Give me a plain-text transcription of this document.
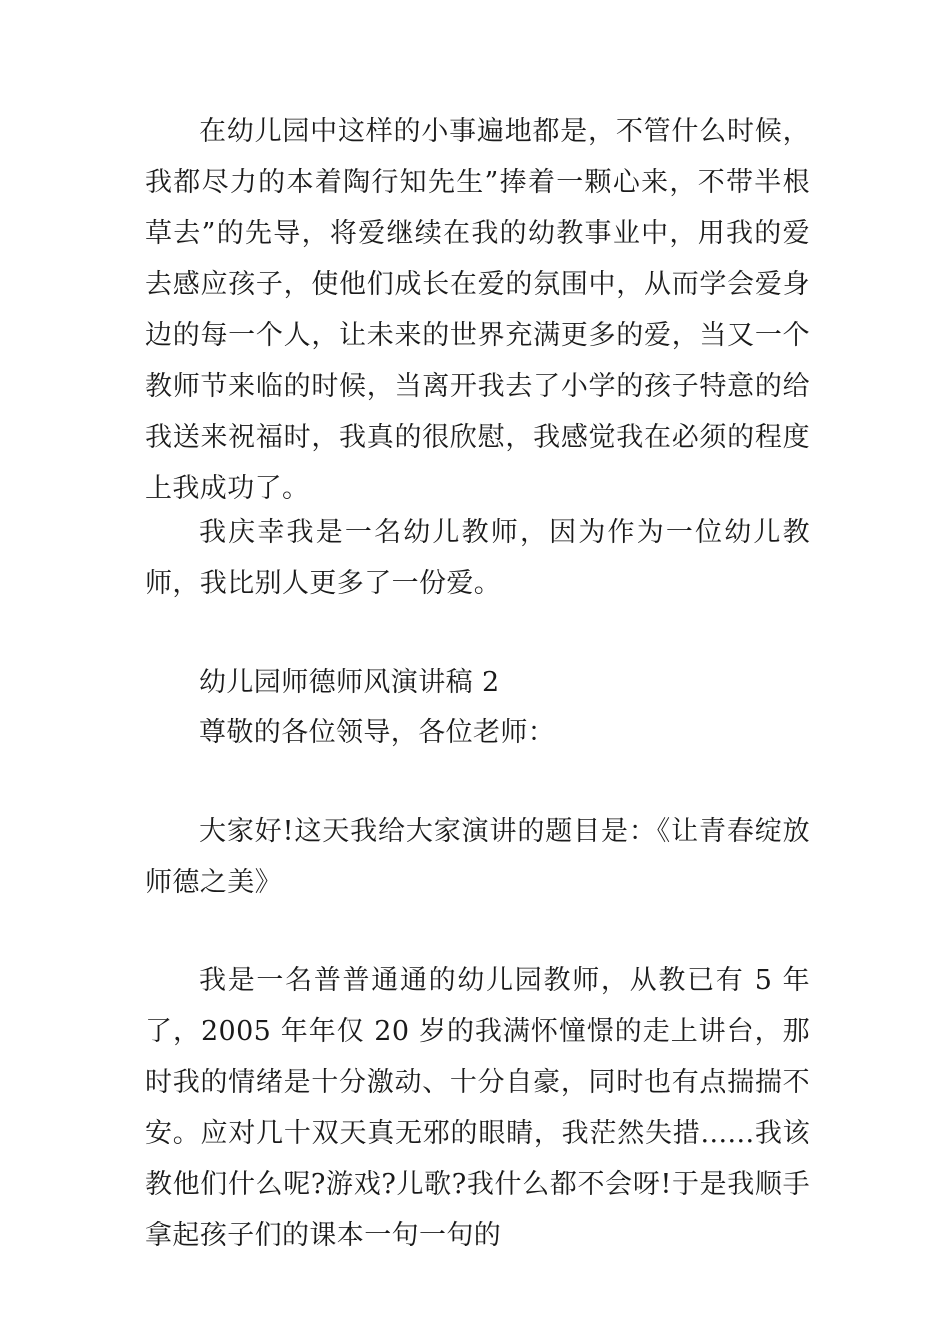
在幼儿园中这样的小事遍地都是，不管什么时候，我都尽力的本着陶行知先生”捧着一颗心来，不带半根草去”的先导，将爱继续在我的幼教事业中，用我的爱去感应孩子，使他们成长在爱的氛围中，从而学会爱身边的每一个人，让未来的世界充满更多的爱，当又一个教师节来临的时候，当离开我去了小学的孩子特意的给我送来祝福时，我真的很欣慰，我感觉我在必须的程度上我成功了。

我庆幸我是一名幼儿教师，因为作为一位幼儿教师，我比别人更多了一份爱。

幼儿园师德师风演讲稿 2

尊敬的各位领导，各位老师：

大家好!这天我给大家演讲的题目是：《让青春绽放师德之美》

我是一名普普通通的幼儿园教师，从教已有 5 年了，2005 年年仅 20 岁的我满怀憧憬的走上讲台，那时我的情绪是十分激动、十分自豪，同时也有点揣揣不安。应对几十双天真无邪的眼睛，我茫然失措......我该教他们什么呢?游戏?儿歌?我什么都不会呀!于是我顺手拿起孩子们的课本一句一句的
